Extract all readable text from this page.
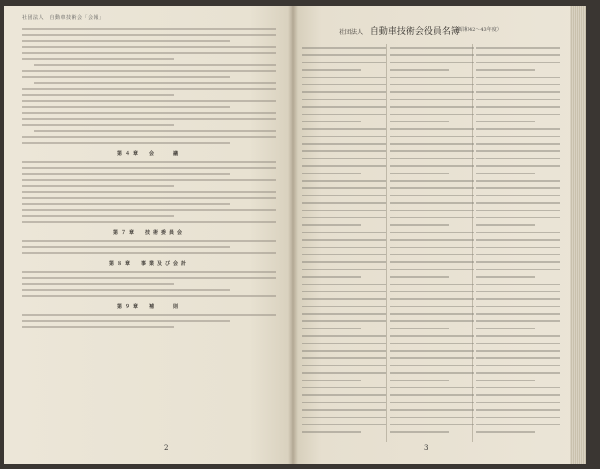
社団法人　自動車技術会「会報」
第４章　会　　議
第７章　技術委員会
第８章　事業及び会計
第９章　補　　則
2
社団法人 自動車技術会役員名簿
（昭和42～43年度）
3
